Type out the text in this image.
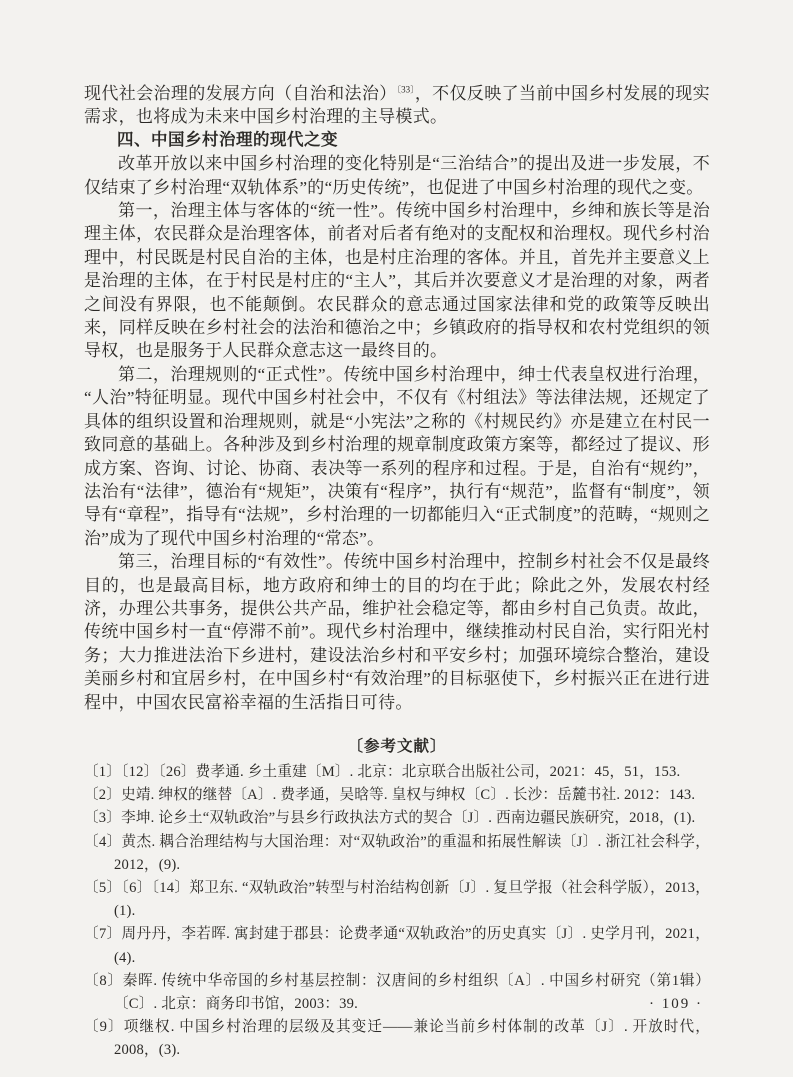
现代社会治理的发展方向（自治和法治）$^{〔33〕}$，不仅反映了当前中国乡村发展的现实需求，也将成为未来中国乡村治理的主导模式。

四、中国乡村治理的现代之变

改革开放以来中国乡村治理的变化特别是“三治结合”的提出及进一步发展，不仅结束了乡村治理“双轨体系”的“历史传统”，也促进了中国乡村治理的现代之变。

第一，治理主体与客体的“统一性”。传统中国乡村治理中，乡绅和族长等是治理主体，农民群众是治理客体，前者对后者有绝对的支配权和治理权。现代乡村治理中，村民既是村民自治的主体，也是村庄治理的客体。并且，首先并主要意义上是治理的主体，在于村民是村庄的“主人”，其后并次要意义才是治理的对象，两者之间没有界限，也不能颠倒。农民群众的意志通过国家法律和党的政策等反映出来，同样反映在乡村社会的法治和德治之中；乡镇政府的指导权和农村党组织的领导权，也是服务于人民群众意志这一最终目的。

第二，治理规则的“正式性”。传统中国乡村治理中，绅士代表皇权进行治理，“人治”特征明显。现代中国乡村社会中，不仅有《村组法》等法律法规，还规定了具体的组织设置和治理规则，就是“小宪法”之称的《村规民约》亦是建立在村民一致同意的基础上。各种涉及到乡村治理的规章制度政策方案等，都经过了提议、形成方案、咨询、讨论、协商、表决等一系列的程序和过程。于是，自治有“规约”，法治有“法律”，德治有“规矩”，决策有“程序”，执行有“规范”，监督有“制度”，领导有“章程”，指导有“法规”，乡村治理的一切都能归入“正式制度”的范畴，“规则之治”成为了现代中国乡村治理的“常态”。

第三，治理目标的“有效性”。传统中国乡村治理中，控制乡村社会不仅是最终目的，也是最高目标，地方政府和绅士的目的均在于此；除此之外，发展农村经济，办理公共事务，提供公共产品，维护社会稳定等，都由乡村自己负责。故此，传统中国乡村一直“停滞不前”。现代乡村治理中，继续推动村民自治，实行阳光村务；大力推进法治下乡进村，建设法治乡村和平安乡村；加强环境综合整治，建设美丽乡村和宜居乡村，在中国乡村“有效治理”的目标驱使下，乡村振兴正在进行进程中，中国农民富裕幸福的生活指日可待。

〔参考文献〕

〔1〕〔12〕〔26〕费孝通. 乡土重建〔M〕. 北京：北京联合出版社公司，2021：45，51，153.

〔2〕史靖. 绅权的继替〔A〕. 费孝通，吴晗等. 皇权与绅权〔C〕. 长沙：岳麓书社. 2012：143.

〔3〕李坤. 论乡土“双轨政治”与县乡行政执法方式的契合〔J〕. 西南边疆民族研究，2018，(1).

〔4〕黄杰. 耦合治理结构与大国治理：对“双轨政治”的重温和拓展性解读〔J〕. 浙江社会科学，2012，(9).

〔5〕〔6〕〔14〕郑卫东. “双轨政治”转型与村治结构创新〔J〕. 复旦学报（社会科学版），2013，(1).

〔7〕周丹丹，李若晖. 寓封建于郡县：论费孝通“双轨政治”的历史真实〔J〕. 史学月刊，2021，(4).

〔8〕秦晖. 传统中华帝国的乡村基层控制：汉唐间的乡村组织〔A〕. 中国乡村研究（第1辑）〔C〕. 北京：商务印书馆，2003：39.

〔9〕项继权. 中国乡村治理的层级及其变迁——兼论当前乡村体制的改革〔J〕. 开放时代，2008，(3).

· 109 ·
